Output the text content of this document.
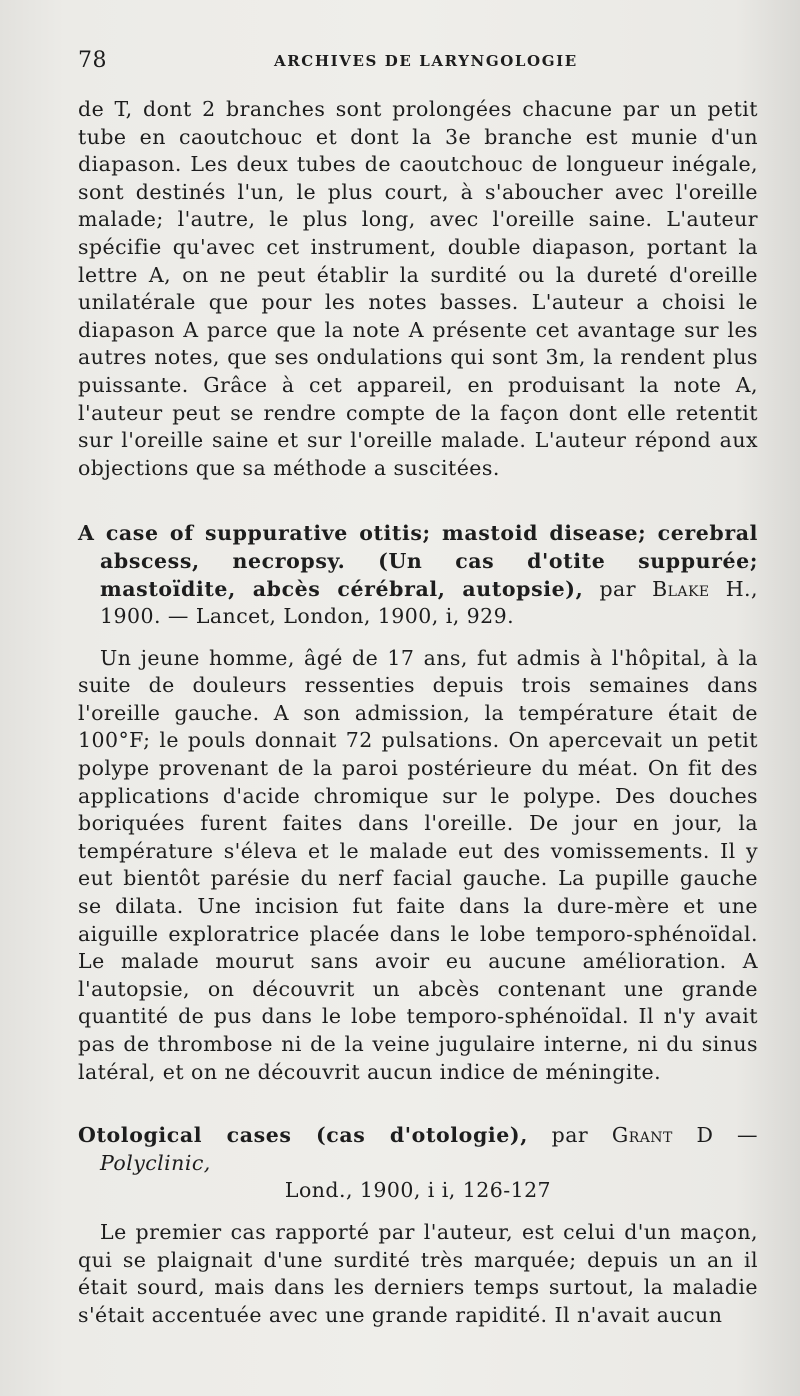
78	ARCHIVES DE LARYNGOLOGIE

de T, dont 2 branches sont prolongées chacune par un petit tube en caoutchouc et dont la 3e branche est munie d'un diapason. Les deux tubes de caoutchouc de longueur inégale, sont destinés l'un, le plus court, à s'aboucher avec l'oreille malade; l'autre, le plus long, avec l'oreille saine. L'auteur spécifie qu'avec cet instrument, double diapason, portant la lettre A, on ne peut établir la surdité ou la dureté d'oreille unilatérale que pour les notes basses. L'auteur a choisi le diapason A parce que la note A présente cet avantage sur les autres notes, que ses ondulations qui sont 3m, la rendent plus puissante. Grâce à cet appareil, en produisant la note A, l'auteur peut se rendre compte de la façon dont elle retentit sur l'oreille saine et sur l'oreille malade. L'auteur répond aux objections que sa méthode a suscitées.

A case of suppurative otitis; mastoid disease; cerebral abscess, necropsy. (Un cas d'otite suppurée; mastoïdite, abcès cérébral, autopsie), par Blake H., 1900. — Lancet, London, 1900, i, 929.

Un jeune homme, âgé de 17 ans, fut admis à l'hôpital, à la suite de douleurs ressenties depuis trois semaines dans l'oreille gauche. A son admission, la température était de 100°F; le pouls donnait 72 pulsations. On apercevait un petit polype provenant de la paroi postérieure du méat. On fit des applications d'acide chromique sur le polype. Des douches boriquées furent faites dans l'oreille. De jour en jour, la température s'éleva et le malade eut des vomissements. Il y eut bientôt parésie du nerf facial gauche. La pupille gauche se dilata. Une incision fut faite dans la dure-mère et une aiguille exploratrice placée dans le lobe temporo-sphénoïdal. Le malade mourut sans avoir eu aucune amélioration. A l'autopsie, on découvrit un abcès contenant une grande quantité de pus dans le lobe temporo-sphénoïdal. Il n'y avait pas de thrombose ni de la veine jugulaire interne, ni du sinus latéral, et on ne découvrit aucun indice de méningite.

Otological cases (cas d'otologie), par Grant D — Polyclinic,
Lond., 1900, i i, 126-127

Le premier cas rapporté par l'auteur, est celui d'un maçon, qui se plaignait d'une surdité très marquée; depuis un an il était sourd, mais dans les derniers temps surtout, la maladie s'était accentuée avec une grande rapidité. Il n'avait aucun
